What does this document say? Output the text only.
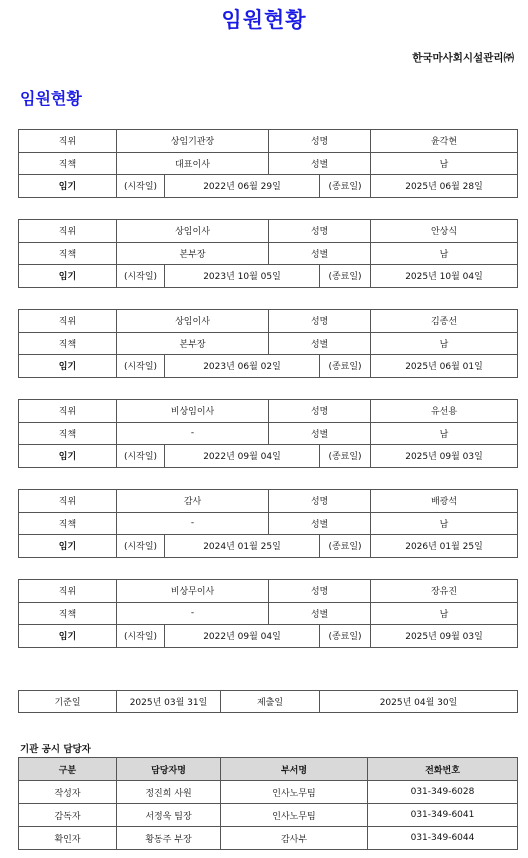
임원현황
한국마사회시설관리㈜
임원현황
직위	상임기관장		성명		윤각현
직책	대표이사		성별		남
임기	(시작일)	2022년 06월 29일		(종료일)	2025년 06월 28일
직위	상임이사		성명		안상식
직책	본부장		성별		남
임기	(시작일)	2023년 10월 05일		(종료일)	2025년 10월 04일
직위	상임이사		성명		김종선
직책	본부장		성별		남
임기	(시작일)	2023년 06월 02일		(종료일)	2025년 06월 01일
직위	비상임이사		성명		유선용
직책	-		성별		남
임기	(시작일)	2022년 09월 04일		(종료일)	2025년 09월 03일
직위	감사		성명		배광석
직책	-		성별		남
임기	(시작일)	2024년 01월 25일		(종료일)	2026년 01월 25일
직위	비상무이사		성명		장유진
직책	-		성별		남
임기	(시작일)	2022년 09월 04일		(종료일)	2025년 09월 03일
기준일	2025년 03월 31일	제출일	2025년 04월 30일
기관 공시 담당자
구분	담당자명	부서명	전화번호
작성자	정진희 사원	인사노무팀	031-349-6028
감독자	서정욱 팀장	인사노무팀	031-349-6041
확인자	황동주 부장	감사부	031-349-6044
